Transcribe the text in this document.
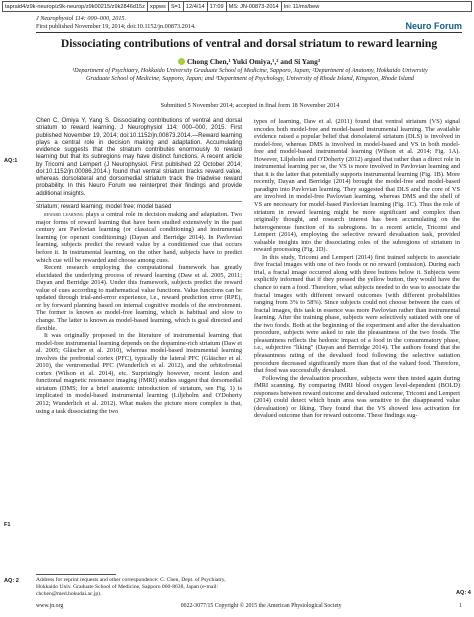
tapraid4/z9k-neurop/z9k-neurop/z9k00215/z9k2846d15z xppws S=1 12/4/14 17:09 MS: JN-00873-2014 Ini: 11/ms/bew
J Neurophysiol 114: 000–000, 2015.
First published November 19, 2014; doi:10.1152/jn.00873.2014.	Neuro Forum
Dissociating contributions of ventral and dorsal striatum to reward learning
Chong Chen,¹ Yuki Omiya,¹,² and Si Yang³
¹Department of Psychiatry, Hokkaido University Graduate School of Medicine, Sapporo, Japan; ²Department of Anatomy, Hokkaido University Graduate School of Medicine, Sapporo, Japan; and ³Department of Psychology, University of Rhode Island, Kingston, Rhode Island
Submitted 5 November 2014; accepted in final form 18 November 2014
AQ:1
F1
AQ: 2
AQ: 4

Chen C, Omiya Y, Yang S. Dissociating contributions of ventral and dorsal striatum to reward learning. J Neurophysiol 114: 000–000, 2015. First published November 19, 2014; doi:10.1152/jn.00873.2014.—Reward learning plays a central role in decision making and adaptation. Accumulating evidence suggests that the striatum contributes enormously to reward learning but that its subregions may have distinct functions. A recent article by Tricomi and Lempert (J Neurophysiol. First published 22 October 2014; doi:10.1152/jn.00086.2014.) found that ventral striatum tracks reward value, whereas dorsolateral and dorsomedial striatum track the triadwise reward probability. In this Neuro Forum we reinterpret their findings and provide additional insights.

striatum; reward learning; model free; model based

reward learning plays a central role in decision making and adaptation. Two major forms of reward learning that have been studied extensively in the past century are Pavlovian learning (or classical conditioning) and instrumental learning (or operant conditioning) (Dayan and Berridge 2014). In Pavlovian learning, subjects predict the reward value by a conditioned cue that occurs before it. In instrumental learning, on the other hand, subjects have to predict which cue will be rewarded and choose among cues.

Recent research employing the computational framework has greatly elucidated the underlying process of reward learning (Daw et al. 2005, 2011; Dayan and Berridge 2014). Under this framework, subjects predict the reward value of cues according to mathematical value functions. Value functions can be updated through trial-and-error experience, i.e., reward prediction error (RPE), or by forward planning based on internal cognitive models of the environment. The former is known as model-free learning, which is habitual and slow to change. The latter is known as model-based learning, which is goal directed and flexible.

It was originally proposed in the literature of instrumental learning that model-free instrumental learning depends on the dopamine-rich striatum (Daw et al. 2005; Gläscher et al. 2010), whereas model-based instrumental learning involves the prefrontal cortex (PFC), typically the lateral PFC (Gläscher et al. 2010), the ventromedial PFC (Wunderlich et al. 2012), and the orbitofrontal cortex (Wilson et al. 2014), etc. Surprisingly however, recent lesion and functional magnetic resonance imaging (fMRI) studies suggest that dorsomedial striatum (DMS; for a brief anatomic introduction of striatum, see Fig. 1) is implicated in model-based instrumental learning (Liljeholm and O'Doherty 2012; Wunderlich et al. 2012). What makes the picture more complex is that, using a task dissociating the two

types of learning, Daw et al. (2011) found that ventral striatum (VS) signal encodes both model-free and model-based instrumental learning. The available evidence raised a popular belief that dorsolateral striatum (DLS) is involved in model-free, whereas DMS is involved in model-based and VS in both model-free and model-based instrumental learning (Wilson et al. 2014; Fig. 1A). However, Liljeholm and O'Doherty (2012) argued that rather than a direct role in instrumental learning per se, the VS is more involved in Pavlovian learning and that it is the latter that potentially supports instrumental learning (Fig. 1B). More recently, Dayan and Berridge (2014) brought the model-free and model-based paradigm into Pavlovian learning. They suggested that DLS and the core of VS are involved in model-free Pavlovian learning, whereas DMS and the shell of VS are necessary for model-based Pavlovian learning (Fig. 1C). Thus the role of striatum in reward learning might be more significant and complex than originally thought, and research interest has been accumulating on the heterogeneous function of its subregions. In a recent article, Tricomi and Lempert (2014), employing the selective reward devaluation task, provided valuable insights into the dissociating roles of the subregions of striatum in reward processing (Fig. 1D).

In this study, Tricomi and Lempert (2014) first trained subjects to associate five fractal images with one of two foods or no reward (omission). During each trial, a fractal image occurred along with three buttons below it. Subjects were explicitly informed that if they pressed the yellow button, they would have the chance to earn a food. Therefore, what subjects needed to do was to associate the fractal images with different reward outcomes (with different probabilities ranging from 3% to 58%). Since subjects could not choose between the cues of fractal images, this task in essence was more Pavlovian rather than instrumental learning. After the training phase, subjects were selectively satiated with one of the two foods. Both at the beginning of the experiment and after the devaluation procedure, subjects were asked to rate the pleasantness of the two foods. The pleasantness reflects the hedonic impact of a food in the consummatory phase, i.e., subjective "liking" (Dayan and Berridge 2014). The authors found that the pleasantness rating of the devalued food following the selective satiation procedure decreased significantly more than that of the valued food. Therefore, that food was successfully devalued.

Following the devaluation procedure, subjects were then tested again during fMRI scanning. By comparing fMRI blood oxygen level-dependent (BOLD) responses between reward outcome and devalued outcome, Tricomi and Lempert (2014) could detect which brain area was sensitive to the disappeared value (devaluation) or liking. They found that the VS showed less activation for devalued outcome than for reward outcome. These findings sug-

Address for reprint requests and other correspondence: C. Chen, Dept. of Psychiatry, Hokkaido Univ. Graduate School of Medicine, Sapporo 060-8638, Japan (e-mail: chchen@med.hokudai.ac.jp).
www.jn.org	0022-3077/15 Copyright © 2015 the American Physiological Society	1
